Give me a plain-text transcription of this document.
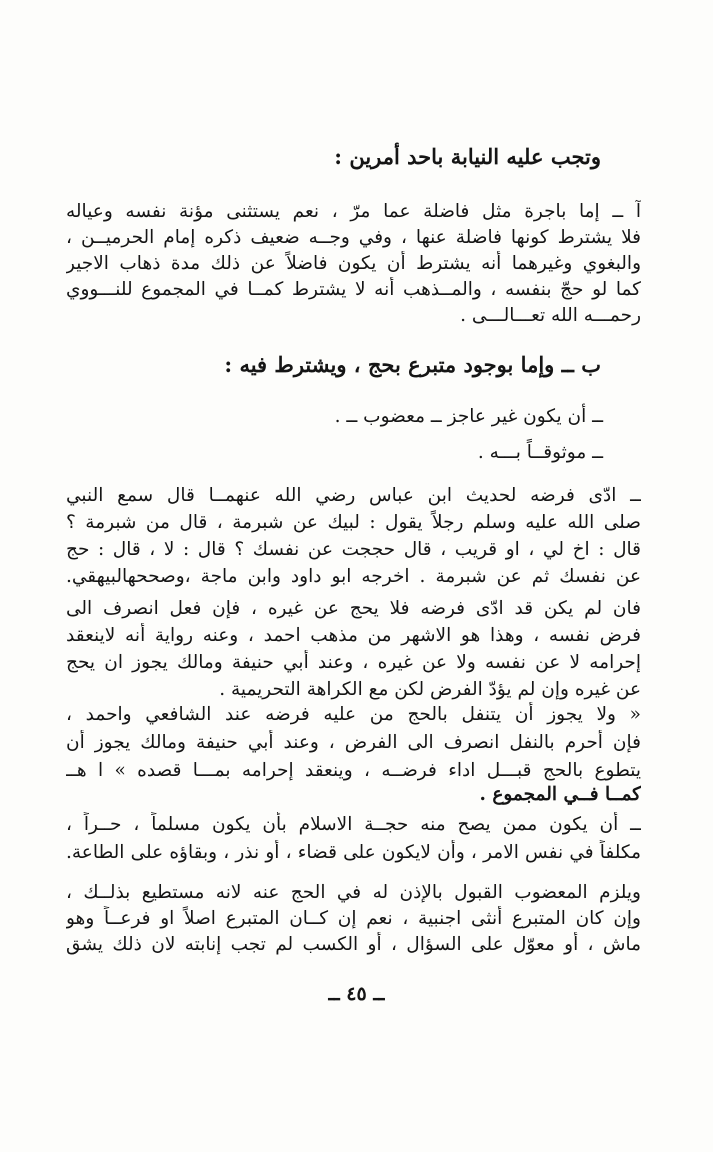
وتجب عليه النيابة باحد أمرين :
آ ــ إما باجرة مثل فاضلة عما مرّ ، نعم يستثنى مؤنة نفسه وعياله
فلا يشترط كونها فاضلة عنها ، وفي وجــه ضعيف ذكره إمام الحرميــن ،
والبغوي وغيرهما أنه يشترط أن يكون فاضلاً عن ذلك مدة ذهاب الاجير
كما لو حجّ بنفسه ، والمــذهب أنه لا يشترط كمــا في المجموع للنـــووي
رحمـــه الله تعـــالـــى .
ب ــ وإما بوجود متبرع بحج ، ويشترط فيه :
ــ أن يكون غير عاجز ــ معضوب ــ .
ــ موثوقــاً بـــه .
ــ ادّى فرضه لحديث ابن عباس رضي الله عنهمــا قال سمع النبي
صلى الله عليه وسلم رجلاً يقول : لبيك عن شبرمة ، قال من شبرمة ؟
قال : اخ لي ، او قريب ، قال حججت عن نفسك ؟ قال : لا ، قال : حج
عن نفسك ثم عن شبرمة . اخرجه ابو داود وابن ماجة ،وصححهالبيهقي.
فان لم يكن قد ادّى فرضه فلا يحج عن غيره ، فإن فعل انصرف الى
فرض نفسه ، وهذا هو الاشهر من مذهب احمد ، وعنه رواية أنه لاينعقد
إحرامه لا عن نفسه ولا عن غيره ، وعند أبي حنيفة ومالك يجوز ان يحج
عن غيره وإن لم يؤدّ الفرض لكن مع الكراهة التحريمية .
« ولا يجوز أن يتنفل بالحج من عليه فرضه عند الشافعي واحمد ،
فإن أحرم بالنفل انصرف الى الفرض ، وعند أبي حنيفة ومالك يجوز أن
يتطوع بالحج قبـــل اداء فرضــه ، وينعقد إحرامه بمـــا قصده » ا هــ
كمــا فــي المجموع .
ــ أن يكون ممن يصح منه حجــة الاسلام بأن يكون مسلماً ، حــراً ،
مكلفاً في نفس الامر ، وأن لايكون على قضاء ، أو نذر ، وبقاؤه على الطاعة.
ويلزم المعضوب القبول بالإذن له في الحج عنه لانه مستطيع بذلــك ،
وإن كان المتبرع أنثى اجنبية ، نعم إن كــان المتبرع اصلاً او فرعــاً وهو
ماش ، أو معوّل على السؤال ، أو الكسب لم تجب إنابته لان ذلك يشق
ــ ٤٥ ــ
